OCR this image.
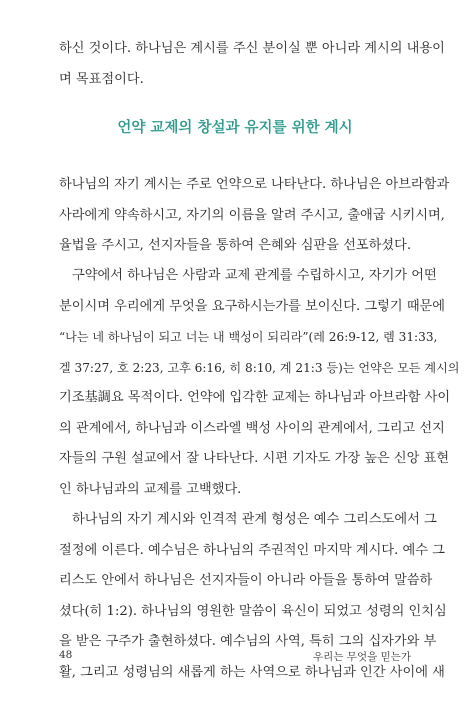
하신 것이다. 하나님은 계시를 주신 분이실 뿐 아니라 계시의 내용이
며 목표점이다.
언약 교제의 창설과 유지를 위한 계시
하나님의 자기 계시는 주로 언약으로 나타난다. 하나님은 아브라함과
사라에게 약속하시고, 자기의 이름을 알려 주시고, 출애굽 시키시며,
율법을 주시고, 선지자들을 통하여 은혜와 심판을 선포하셨다.
구약에서 하나님은 사람과 교제 관계를 수립하시고, 자기가 어떤
분이시며 우리에게 무엇을 요구하시는가를 보이신다. 그렇기 때문에
“나는 네 하나님이 되고 너는 내 백성이 되리라”(레 26:9-12, 렘 31:33,
겔 37:27, 호 2:23, 고후 6:16, 히 8:10, 계 21:3 등)는 언약은 모든 계시의
기조基調요 목적이다. 언약에 입각한 교제는 하나님과 아브라함 사이
의 관계에서, 하나님과 이스라엘 백성 사이의 관계에서, 그리고 선지
자들의 구원 설교에서 잘 나타난다. 시편 기자도 가장 높은 신앙 표현
인 하나님과의 교제를 고백했다.
하나님의 자기 계시와 인격적 관계 형성은 예수 그리스도에서 그
절정에 이른다. 예수님은 하나님의 주권적인 마지막 계시다. 예수 그
리스도 안에서 하나님은 선지자들이 아니라 아들을 통하여 말씀하
셨다(히 1:2). 하나님의 영원한 말씀이 육신이 되었고 성령의 인치심
을 받은 구주가 출현하셨다. 예수님의 사역, 특히 그의 십자가와 부
활, 그리고 성령님의 새롭게 하는 사역으로 하나님과 인간 사이에 새
48	우리는 무엇을 믿는가
